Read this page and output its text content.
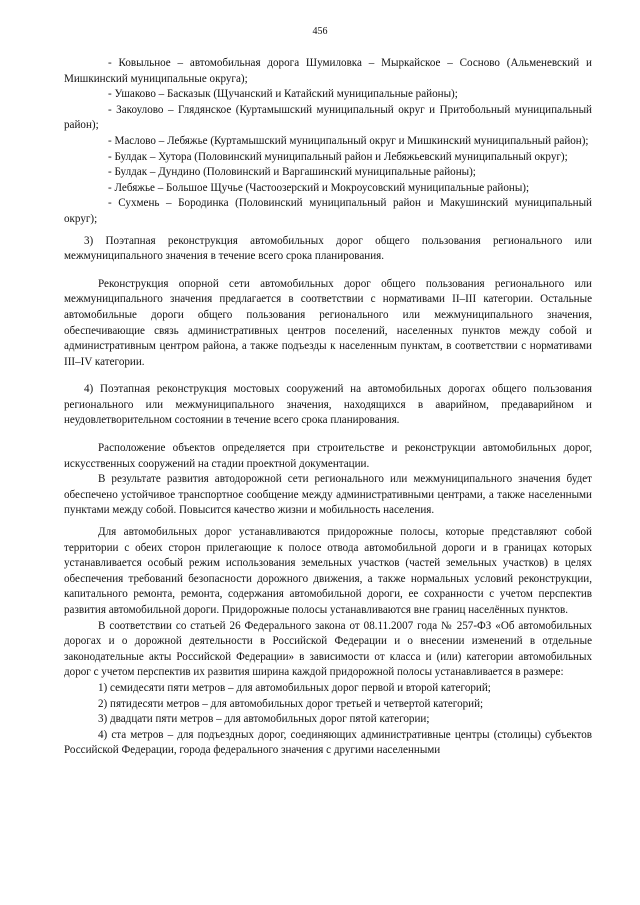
456

- Ковыльное – автомобильная дорога Шумиловка – Мыркайское – Сосново (Альменевский и Мишкинский муниципальные округа);

- Ушаково – Басказык (Щучанский и Катайский муниципальные районы);

- Закоулово – Глядянское (Куртамышский муниципальный округ и Притобольный муниципальный район);

- Маслово – Лебяжье (Куртамышский муниципальный округ и Мишкинский муниципальный район);

- Булдак – Хутора (Половинский муниципальный район и Лебяжьевский муниципальный округ);

- Булдак – Дундино (Половинский и Варгашинский муниципальные районы);

- Лебяжье – Большое Щучье (Частоозерский и Мокроусовский муниципальные районы);

- Сухмень – Бородинка (Половинский муниципальный район и Макушинский муниципальный округ);

3) Поэтапная реконструкция автомобильных дорог общего пользования регионального или межмуниципального значения в течение всего срока планирования.

Реконструкция опорной сети автомобильных дорог общего пользования регионального или межмуниципального значения предлагается в соответствии с нормативами II–III категории. Остальные автомобильные дороги общего пользования регионального или межмуниципального значения, обеспечивающие связь административных центров поселений, населенных пунктов между собой и административным центром района, а также подъезды к населенным пунктам, в соответствии с нормативами III–IV категории.

4) Поэтапная реконструкция мостовых сооружений на автомобильных дорогах общего пользования регионального или межмуниципального значения, находящихся в аварийном, предаварийном и неудовлетворительном состоянии в течение всего срока планирования.

Расположение объектов определяется при строительстве и реконструкции автомобильных дорог, искусственных сооружений на стадии проектной документации.

В результате развития автодорожной сети регионального или межмуниципального значения будет обеспечено устойчивое транспортное сообщение между административными центрами, а также населенными пунктами между собой. Повысится качество жизни и мобильность населения.

Для автомобильных дорог устанавливаются придорожные полосы, которые представляют собой территории с обеих сторон прилегающие к полосе отвода автомобильной дороги и в границах которых устанавливается особый режим использования земельных участков (частей земельных участков) в целях обеспечения требований безопасности дорожного движения, а также нормальных условий реконструкции, капитального ремонта, ремонта, содержания автомобильной дороги, ее сохранности с учетом перспектив развития автомобильной дороги. Придорожные полосы устанавливаются вне границ населённых пунктов.

В соответствии со статьей 26 Федерального закона от 08.11.2007 года № 257-ФЗ «Об автомобильных дорогах и о дорожной деятельности в Российской Федерации и о внесении изменений в отдельные законодательные акты Российской Федерации» в зависимости от класса и (или) категории автомобильных дорог с учетом перспектив их развития ширина каждой придорожной полосы устанавливается в размере:

1) семидесяти пяти метров – для автомобильных дорог первой и второй категорий;

2) пятидесяти метров – для автомобильных дорог третьей и четвертой категорий;

3) двадцати пяти метров – для автомобильных дорог пятой категории;

4) ста метров – для подъездных дорог, соединяющих административные центры (столицы) субъектов Российской Федерации, города федерального значения с другими населенными
